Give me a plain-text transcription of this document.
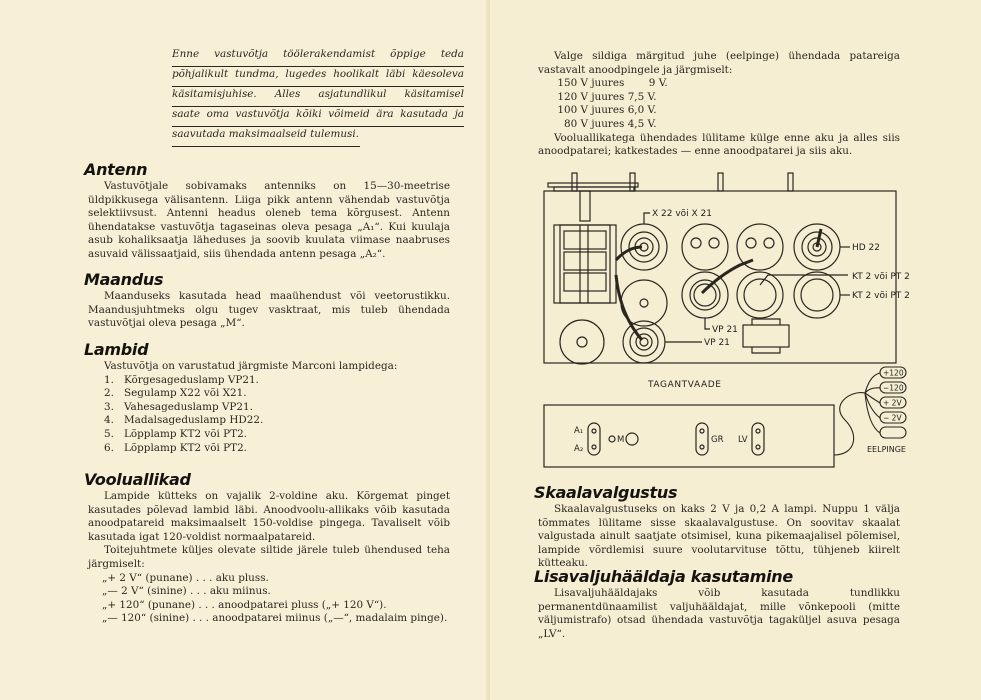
Enne vastuvõtja töölerakendamist õppige teda
põhjalikult tundma, lugedes hoolikalt läbi käesoleva
käsitamisjuhise. Alles asjatundlikul käsitamisel
saate oma vastuvõtja kõiki võimeid ära kasutada ja
saavutada maksimaalseid tulemusi.
Antenn

Vastuvõtjale sobivamaks antenniks on 15—30-meetrise üldpikkusega välisantenn. Liiga pikk antenn vähendab vastuvõtja selektiivsust. Antenni headus oleneb tema kõrgusest. Antenn ühendatakse vastuvõtja tagaseinas oleva pesaga „A₁“. Kui kuulaja asub kohaliksaatja läheduses ja soovib kuulata viimase naabruses asuvaid välissaatjaid, siis ühendada antenn pesaga „A₂“.

Maandus

Maanduseks kasutada head maaühendust või veetorustikku. Maandusjuhtmeks olgu tugev vasktraat, mis tuleb ühendada vastuvõtjai oleva pesaga „M“.

Lambid

Vastuvõtja on varustatud järgmiste Marconi lampidega:

1. Kõrgesageduslamp VP21.
2. Segulamp X22 või X21.
3. Vahesageduslamp VP21.
4. Madalsageduslamp HD22.
5. Lõpplamp KT2 või PT2.
6. Lõpplamp KT2 või PT2.
Vooluallikad

Lampide kütteks on vajalik 2-voldine aku. Kõrgemat pinget kasutades põlevad lambid läbi. Anoodvoolu-allikaks võib kasutada anoodpatareid maksimaalselt 150-voldise pingega. Tavaliselt võib kasutada igat 120-voldist normaalpatareid.

Toitejuhtmete küljes olevate siltide järele tuleb ühendused teha järgmiselt:

„+ 2 V“ (punane) . . . aku pluss.
„— 2 V“ (sinine) . . . aku miinus.
„+ 120“ (punane) . . . anoodpatarei pluss („+ 120 V“).
„— 120“ (sinine) . . . anoodpatarei miinus („—“, madalaim pinge).

Valge sildiga märgitud juhe (eelpinge) ühendada patareiga vastavalt anoodpingele ja järgmiselt:

150 V juures 9 V.
120 V juures 7,5 V.
100 V juures 6,0 V.
80 V juures 4,5 V.

Vooluallikatega ühendades lülitame külge enne aku ja alles siis anoodpatarei; katkestades — enne anoodpatarei ja siis aku.

Skaalavalgustus

Skaalavalgustuseks on kaks 2 V ja 0,2 A lampi. Nuppu 1 välja tõmmates lülitame sisse skaalavalgustuse. On soovitav skaalat valgustada ainult saatjate otsimisel, kuna pikemaajalisel põlemisel, lampide võrdlemisi suure voolutarvituse tõttu, tühjeneb kiirelt kütteaku.

Lisavaljuhääldaja kasutamine

Lisavaljuhääldajaks võib kasutada tundlikku permanentdünaamilist valjuhääldajat, mille võnkepooli (mitte väljumistrafo) otsad ühendada vastuvõtja tagaküljel asuva pesaga „LV“.

X 22 või X 21
HD 22
KT 2 või PT 2
KT 2 või PT 2
VP 21
VP 21
TAGANTVAADE
A₁
A₂
M	GR LV
+120
−120
+ 2V
− 2V
EELPINGE
